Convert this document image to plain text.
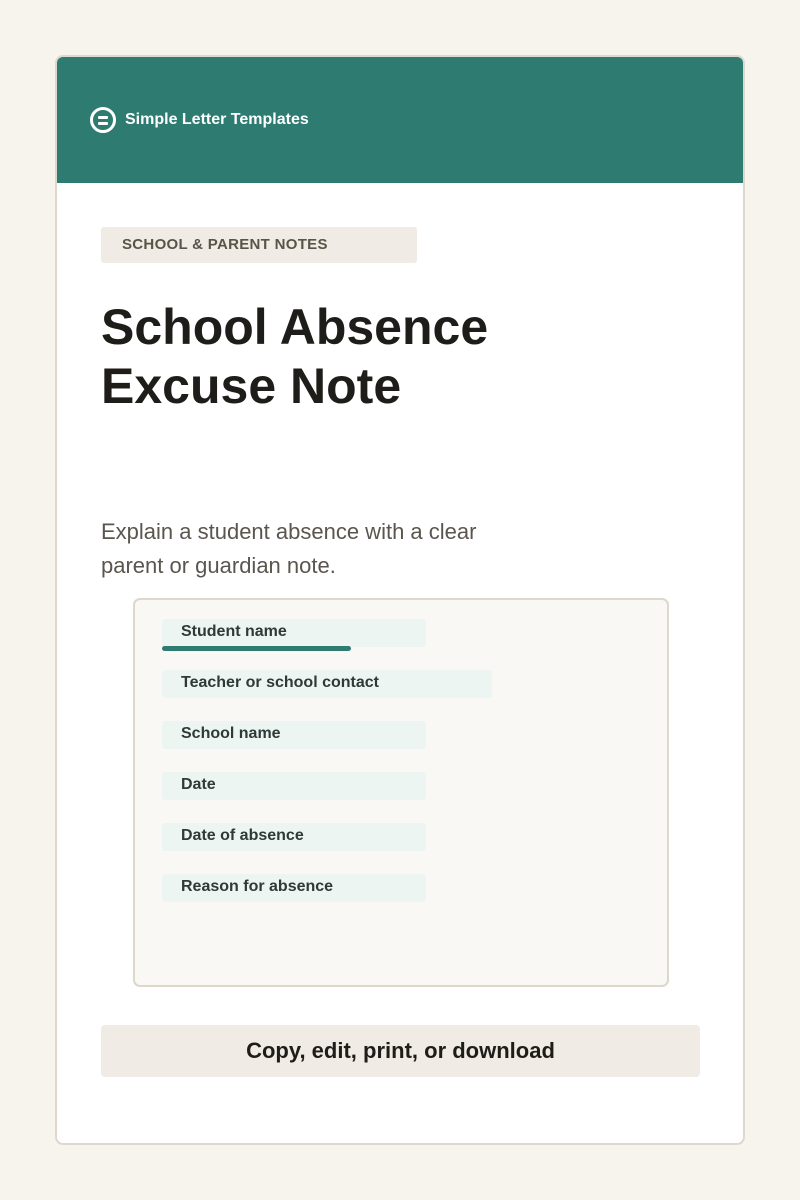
Simple Letter Templates
SCHOOL & PARENT NOTES
School Absence
Excuse Note

Explain a student absence with a clear parent or guardian note.

Student name
Teacher or school contact
School name
Date
Date of absence
Reason for absence
Copy, edit, print, or download
